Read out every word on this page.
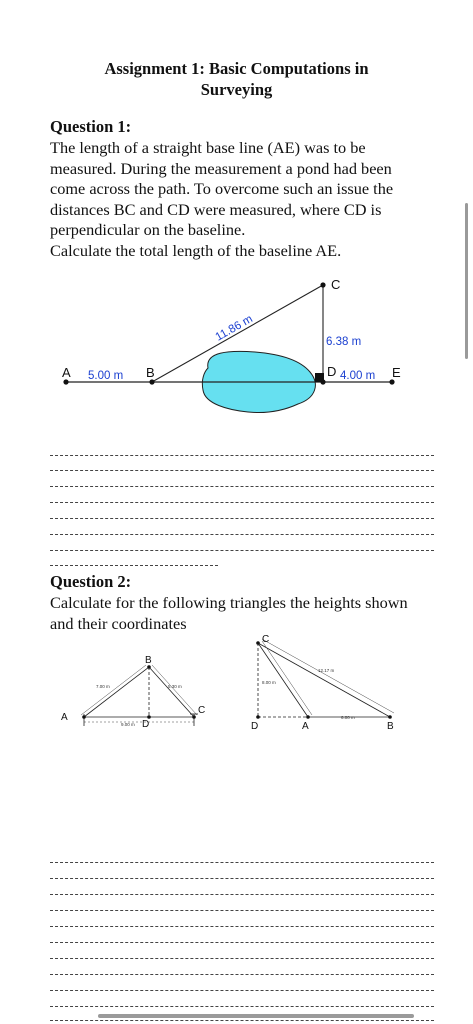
Assignment 1: Basic Computations in
Surveying
Question 1:
The length of a straight base line (AE) was to be
measured. During the measurement a pond had been
come across the path. To overcome such an issue the
distances BC and CD were measured, where CD is
perpendicular on the baseline.
Calculate the total length of the baseline AE.
A	B
C
D	E
5.00 m
11.86 m	6.38 m
4.00 m
Question 2:
Calculate for the following triangles the heights shown
and their coordinates
A
B
C
D
7.00 m	5.30 m
9.00 m
C
D	A	B
8.00 m
12.17 m
6.00 m
